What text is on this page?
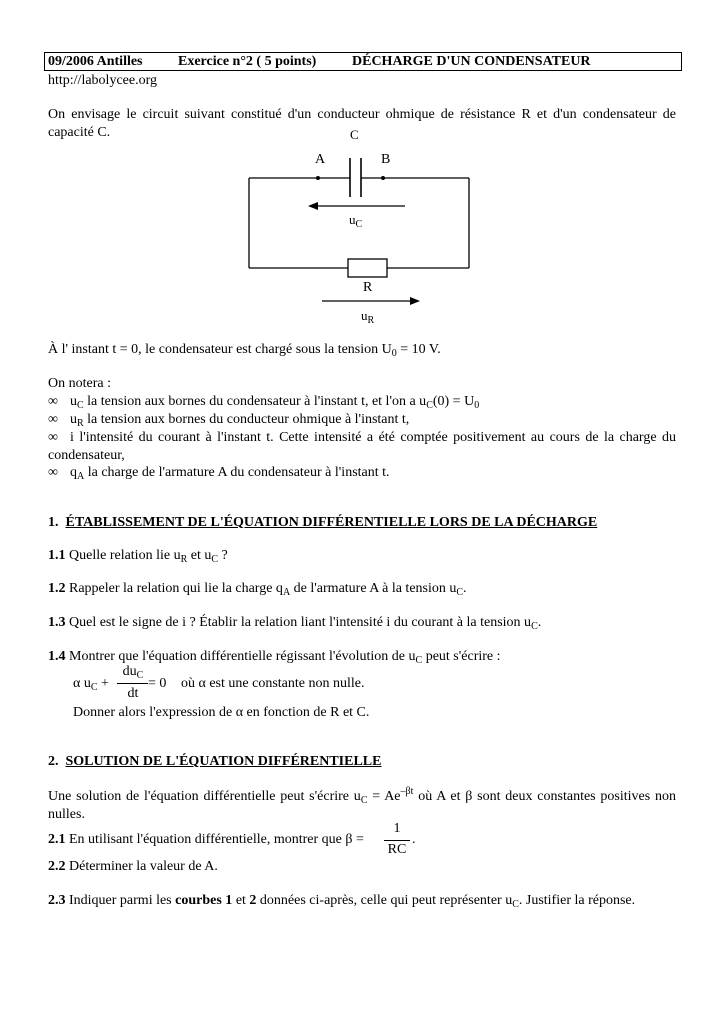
09/2006 Antilles	Exercice n°2 ( 5 points)	DÉCHARGE D'UN CONDENSATEUR
http://labolycee.org
On envisage le circuit suivant constitué d'un conducteur ohmique de résistance R et d'un condensateur de capacité C.	C
A	B
$u_C$
R
$u_R$
À l' instant t = 0, le condensateur est chargé sous la tension $U_0 = 10$ V.
On notera :
∞ $u_C$ la tension aux bornes du condensateur à l'instant t, et l'on a $u_C(0) = U_0$
∞ $u_R$ la tension aux bornes du conducteur ohmique à l'instant t,
∞ i l'intensité du courant à l'instant t. Cette intensité a été comptée positivement au cours de la charge du condensateur,
∞ $q_A$ la charge de l'armature A du condensateur à l'instant t.
1. ÉTABLISSEMENT DE L'ÉQUATION DIFFÉRENTIELLE LORS DE LA DÉCHARGE
1.1 Quelle relation lie $u_R$ et $u_C$ ?
1.2 Rappeler la relation qui lie la charge $q_A$ de l'armature A à la tension $u_C$.
1.3 Quel est le signe de i ? Établir la relation liant l'intensité i du courant à la tension $u_C$.
1.4 Montrer que l'équation différentielle régissant l'évolution de $u_C$ peut s'écrire :
α $u_C$ +
$du_C$
dt
= 0 où α est une constante non nulle.
Donner alors l'expression de α en fonction de R et C.
2. SOLUTION DE L'ÉQUATION DIFFÉRENTIELLE
Une solution de l'équation différentielle peut s'écrire $u_C = Ae^{-\beta t}$ où A et β sont deux constantes positives non nulles.
2.1 En utilisant l'équation différentielle, montrer que β =
1
RC
.
2.2 Déterminer la valeur de A.
2.3 Indiquer parmi les courbes 1 et 2 données ci-après, celle qui peut représenter $u_C$. Justifier la réponse.
